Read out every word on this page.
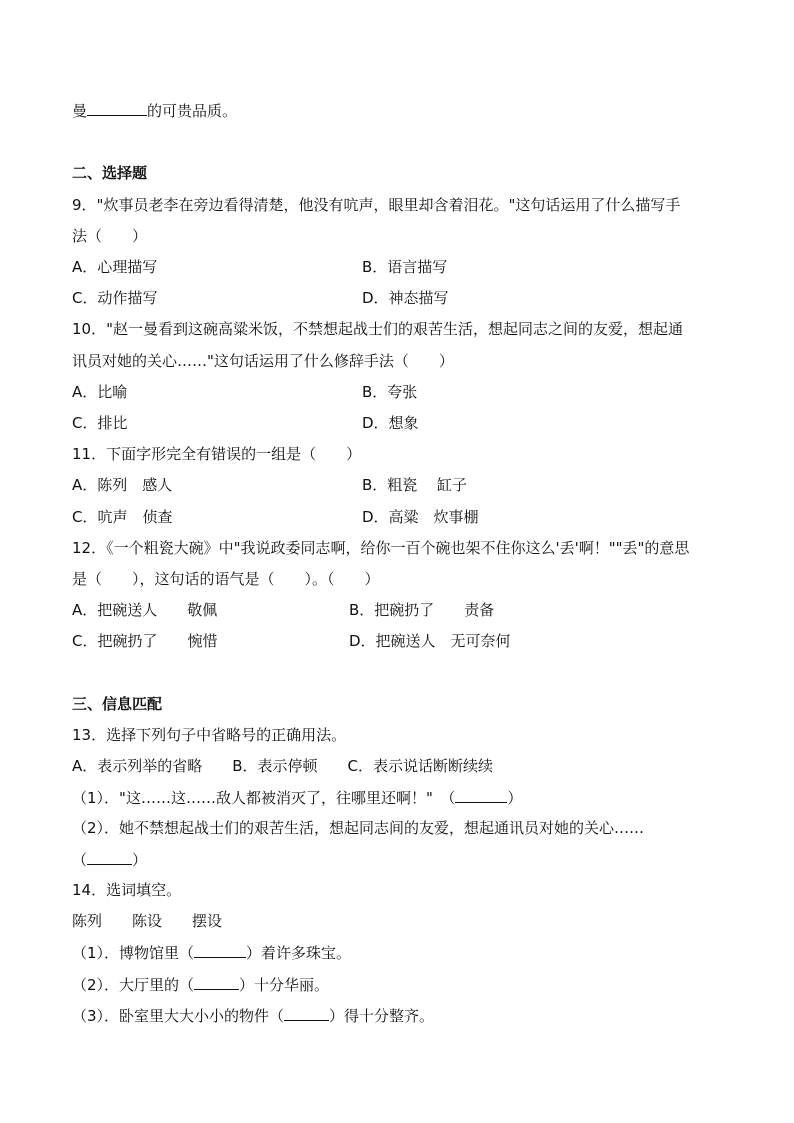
曼	的可贵品质。
二、选择题
9．"炊事员老李在旁边看得清楚，他没有吭声，眼里却含着泪花。"这句话运用了什么描写手
法（　　）
A．心理描写	B．语言描写
C．动作描写	D．神态描写
10．"赵一曼看到这碗高粱米饭，不禁想起战士们的艰苦生活，想起同志之间的友爱，想起通
讯员对她的关心……"这句话运用了什么修辞手法（　　）
A．比喻	B．夸张
C．排比	D．想象
11．下面字形完全有错误的一组是（　　）
A．陈列　感人	B．粗瓷　 缸子
C．吭声　侦查	D．高粱　炊事棚
12．《一个粗瓷大碗》中"我说政委同志啊，给你一百个碗也架不住你这么'丢'啊！""丢"的意思
是（　　），这句话的语气是（　　）。（　　）
A．把碗送人　　敬佩	B．把碗扔了　　责备
C．把碗扔了　　惋惜	D．把碗送人　无可奈何
三、信息匹配
13．选择下列句子中省略号的正确用法。
A．表示列举的省略　　B．表示停顿　　C．表示说话断断续续
（1）．"这……这……敌人都被消灭了，往哪里还啊！"　（	）
（2）．她不禁想起战士们的艰苦生活，想起同志间的友爱，想起通讯员对她的关心……
（	）
14．选词填空。
陈列　　陈设　　摆设
（1）．博物馆里（	）着许多珠宝。
（2）．大厅里的（	）十分华丽。
（3）．卧室里大大小小的物件（	）得十分整齐。
